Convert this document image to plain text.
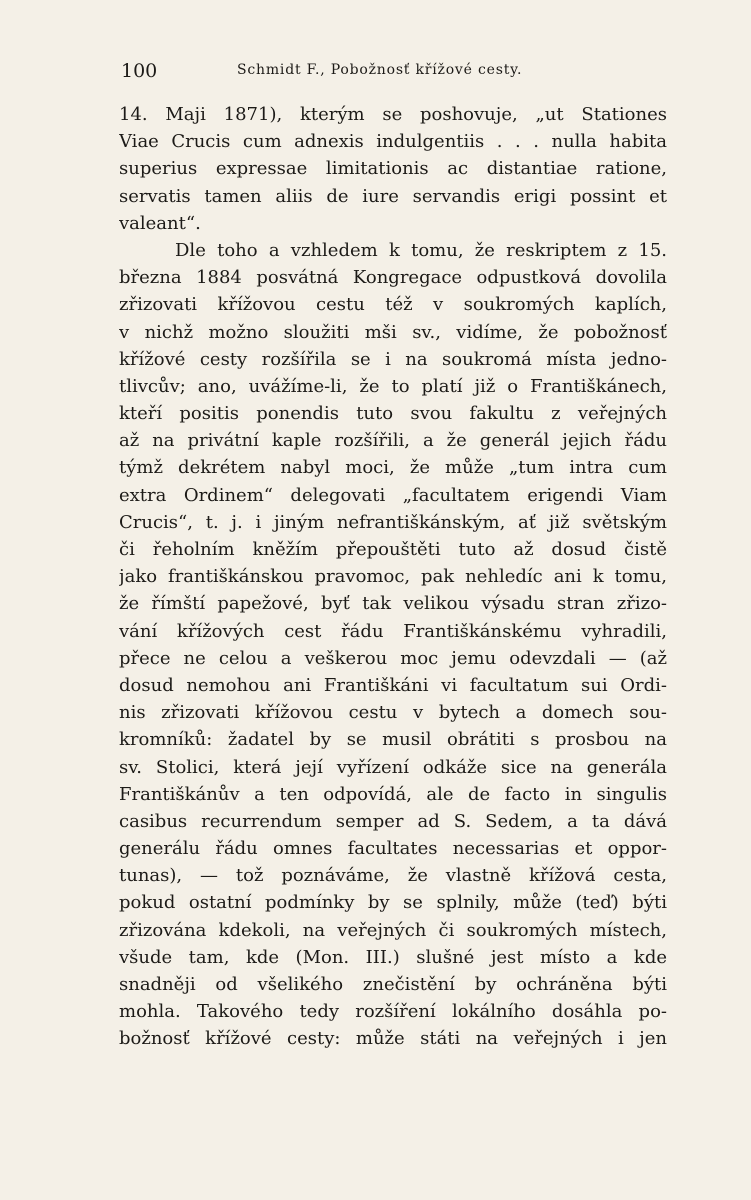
100	Schmidt F., Pobožnosť křížové cesty.
14. Maji 1871), kterým se poshovuje, „ut Stationes
Viae Crucis cum adnexis indulgentiis . . . nulla habita
superius expressae limitationis ac distantiae ratione,
servatis tamen aliis de iure servandis erigi possint et
valeant“.
Dle toho a vzhledem k tomu, že reskriptem z 15.
března 1884 posvátná Kongregace odpustková dovolila
zřizovati křížovou cestu též v soukromých kaplích,
v nichž možno sloužiti mši sv., vidíme, že pobožnosť
křížové cesty rozšířila se i na soukromá místa jedno-
tlivcův; ano, uvážíme-li, že to platí již o Františkánech,
kteří positis ponendis tuto svou fakultu z veřejných
až na privátní kaple rozšířili, a že generál jejich řádu
týmž dekrétem nabyl moci, že může „tum intra cum
extra Ordinem“ delegovati „facultatem erigendi Viam
Crucis“, t. j. i jiným nefrantiškánským, ať již světským
či řeholním kněžím přepouštěti tuto až dosud čistě
jako františkánskou pravomoc, pak nehledíc ani k tomu,
že římští papežové, byť tak velikou výsadu stran zřizo-
vání křížových cest řádu Františkánskému vyhradili,
přece ne celou a veškerou moc jemu odevzdali — (až
dosud nemohou ani Františkáni vi facultatum sui Ordi-
nis zřizovati křížovou cestu v bytech a domech sou-
kromníků: žadatel by se musil obrátiti s prosbou na
sv. Stolici, která její vyřízení odkáže sice na generála
Františkánův a ten odpovídá, ale de facto in singulis
casibus recurrendum semper ad S. Sedem, a ta dává
generálu řádu omnes facultates necessarias et oppor-
tunas), — tož poznáváme, že vlastně křížová cesta,
pokud ostatní podmínky by se splnily, může (teď) býti
zřizována kdekoli, na veřejných či soukromých místech,
všude tam, kde (Mon. III.) slušné jest místo a kde
snadněji od všelikého znečistění by ochráněna býti
mohla. Takového tedy rozšíření lokálního dosáhla po-
božnosť křížové cesty: může státi na veřejných i jen
